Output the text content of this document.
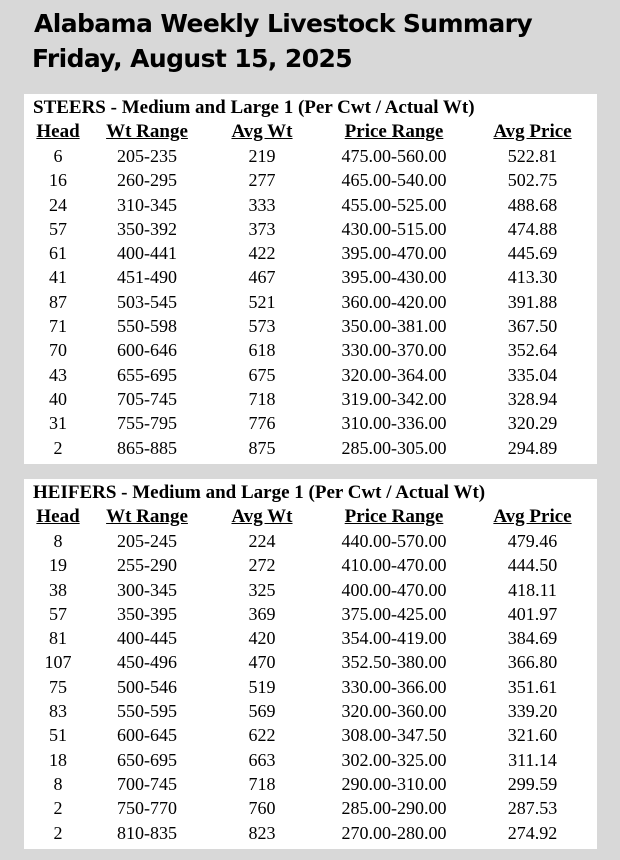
Alabama Weekly Livestock Summary
Friday, August 15, 2025
STEERS - Medium and Large 1 (Per Cwt / Actual Wt)
Head	Wt Range	Avg Wt	Price Range	Avg Price
6	205-235	219	475.00-560.00	522.81
16	260-295	277	465.00-540.00	502.75
24	310-345	333	455.00-525.00	488.68
57	350-392	373	430.00-515.00	474.88
61	400-441	422	395.00-470.00	445.69
41	451-490	467	395.00-430.00	413.30
87	503-545	521	360.00-420.00	391.88
71	550-598	573	350.00-381.00	367.50
70	600-646	618	330.00-370.00	352.64
43	655-695	675	320.00-364.00	335.04
40	705-745	718	319.00-342.00	328.94
31	755-795	776	310.00-336.00	320.29
2	865-885	875	285.00-305.00	294.89
HEIFERS - Medium and Large 1 (Per Cwt / Actual Wt)
Head	Wt Range	Avg Wt	Price Range	Avg Price
8	205-245	224	440.00-570.00	479.46
19	255-290	272	410.00-470.00	444.50
38	300-345	325	400.00-470.00	418.11
57	350-395	369	375.00-425.00	401.97
81	400-445	420	354.00-419.00	384.69
107	450-496	470	352.50-380.00	366.80
75	500-546	519	330.00-366.00	351.61
83	550-595	569	320.00-360.00	339.20
51	600-645	622	308.00-347.50	321.60
18	650-695	663	302.00-325.00	311.14
8	700-745	718	290.00-310.00	299.59
2	750-770	760	285.00-290.00	287.53
2	810-835	823	270.00-280.00	274.92
